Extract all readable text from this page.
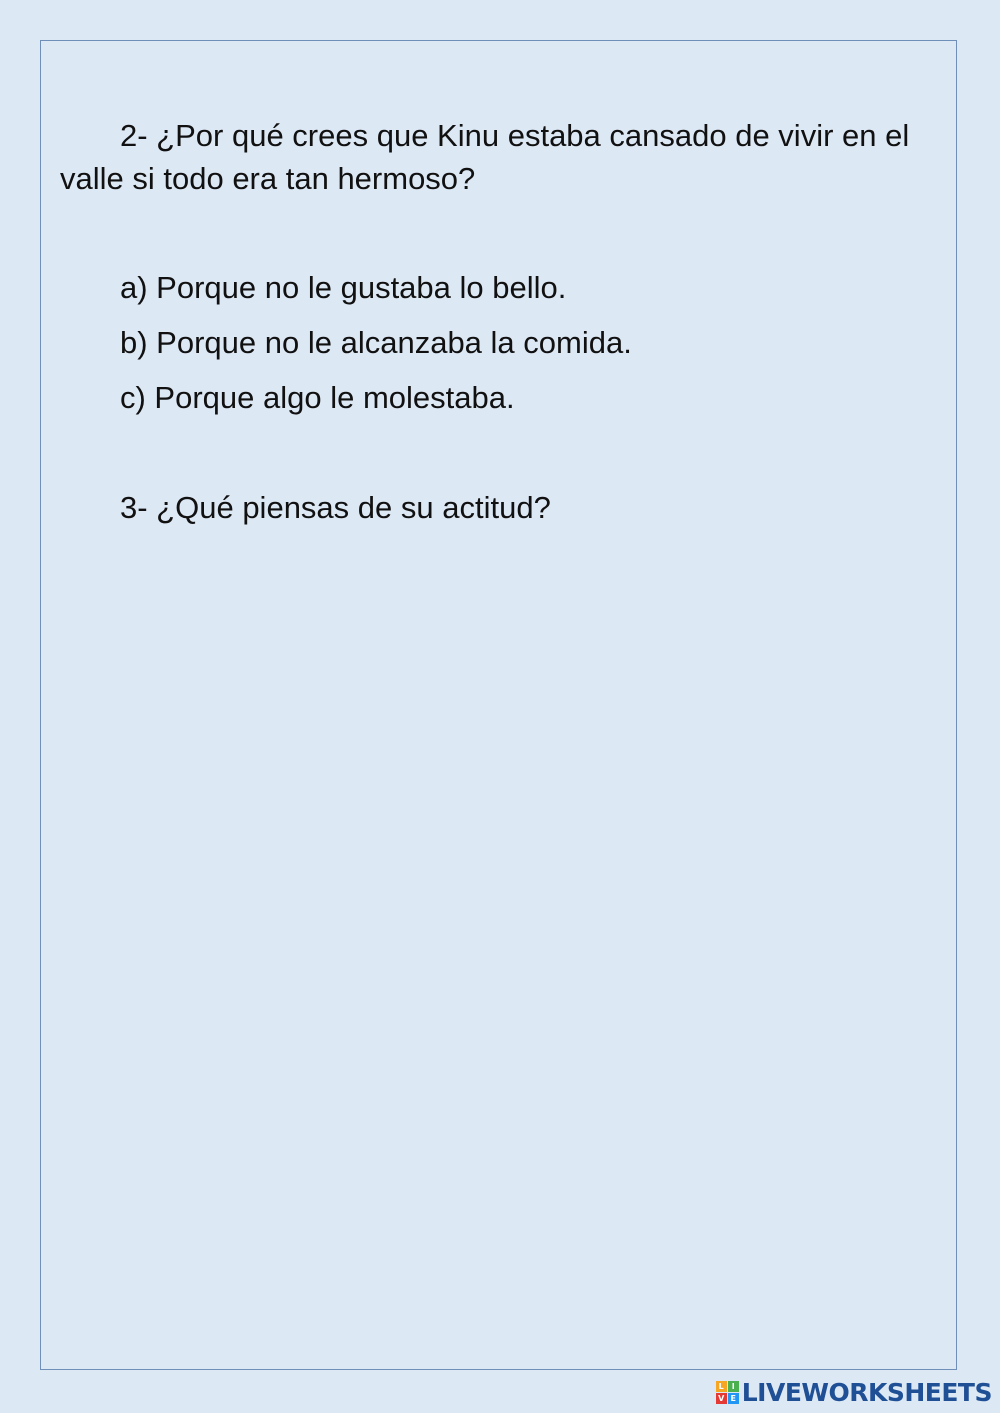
2- ¿Por qué crees que Kinu estaba cansado de vivir en el valle si todo era tan hermoso?

a) Porque no le gustaba lo bello.
b) Porque no le alcanzaba la comida.
c) Porque algo le molestaba.

3- ¿Qué piensas de su actitud?

L I
V E LIVEWORKSHEETS
